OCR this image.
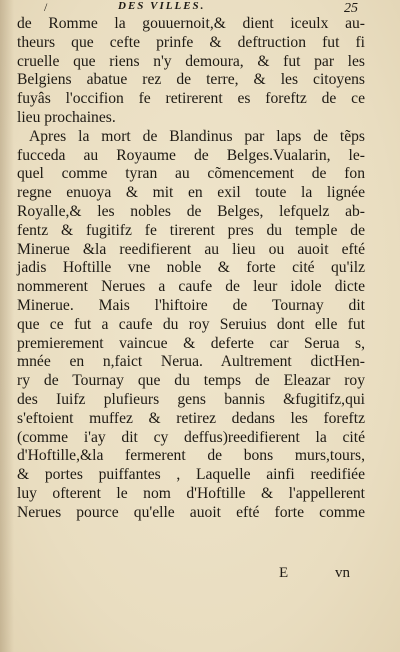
/	DES VILLES.	25
de Romme la gouuernoit,& dient iceulx au-
theurs que cefte prinfe & deftruction fut fi
cruelle que riens n'y demoura, & fut par les
Belgiens abatue rez de terre, & les citoyens
fuyâs l'occifion fe retirerent es foreftz de ce
lieu prochaines.
Apres la mort de Blandinus par laps de tẽps
fucceda au Royaume de Belges.Vualarin, le-
quel comme tyran au cõmencement de fon
regne enuoya & mit en exil toute la lignée
Royalle,& les nobles de Belges, lefquelz ab-
fentz & fugitifz fe tirerent pres du temple de
Minerue &la reedifierent au lieu ou auoit efté
jadis Hoftille vne noble & forte cité qu'ilz
nommerent Nerues a caufe de leur idole dicte
Minerue. Mais l'hiftoire de Tournay dit
que ce fut a caufe du roy Seruius dont elle fut
premierement vaincue & deferte car Serua s,
mnée en n,faict Nerua. Aultrement dictHen-
ry de Tournay que du temps de Eleazar roy
des Iuifz plufieurs gens bannis &fugitifz,qui
s'eftoient muffez & retirez dedans les foreftz
(comme i'ay dit cy deffus)reedifierent la cité
d'Hoftille,&la fermerent de bons murs,tours,
& portes puiffantes , Laquelle ainfi reedifiée
luy ofterent le nom d'Hoftille & l'appellerent
Nerues pource qu'elle auoit efté forte comme
E	vn
